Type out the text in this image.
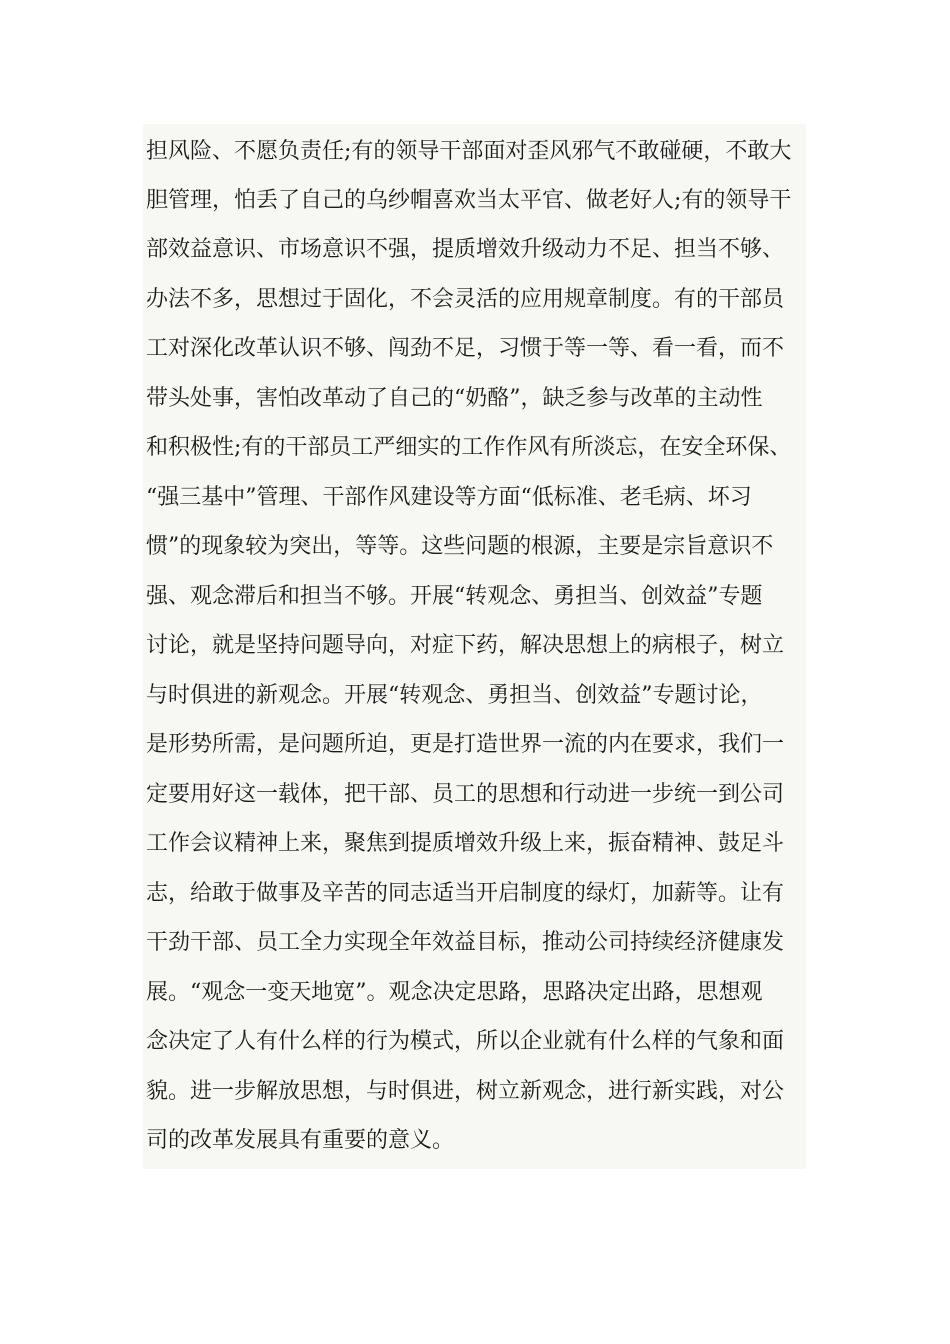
担风险、不愿负责任;有的领导干部面对歪风邪气不敢碰硬，不敢大
胆管理，怕丢了自己的乌纱帽喜欢当太平官、做老好人;有的领导干
部效益意识、市场意识不强，提质增效升级动力不足、担当不够、
办法不多，思想过于固化，不会灵活的应用规章制度。有的干部员
工对深化改革认识不够、闯劲不足，习惯于等一等、看一看，而不
带头处事，害怕改革动了自己的“奶酪”，缺乏参与改革的主动性
和积极性;有的干部员工严细实的工作作风有所淡忘，在安全环保、
“强三基中”管理、干部作风建设等方面“低标准、老毛病、坏习
惯”的现象较为突出，等等。这些问题的根源，主要是宗旨意识不
强、观念滞后和担当不够。开展“转观念、勇担当、创效益”专题
讨论，就是坚持问题导向，对症下药，解决思想上的病根子，树立
与时俱进的新观念。开展“转观念、勇担当、创效益”专题讨论，
是形势所需，是问题所迫，更是打造世界一流的内在要求，我们一
定要用好这一载体，把干部、员工的思想和行动进一步统一到公司
工作会议精神上来，聚焦到提质增效升级上来，振奋精神、鼓足斗
志，给敢于做事及辛苦的同志适当开启制度的绿灯，加薪等。让有
干劲干部、员工全力实现全年效益目标，推动公司持续经济健康发
展。“观念一变天地宽”。观念决定思路，思路决定出路，思想观
念决定了人有什么样的行为模式，所以企业就有什么样的气象和面
貌。进一步解放思想，与时俱进，树立新观念，进行新实践，对公
司的改革发展具有重要的意义。
